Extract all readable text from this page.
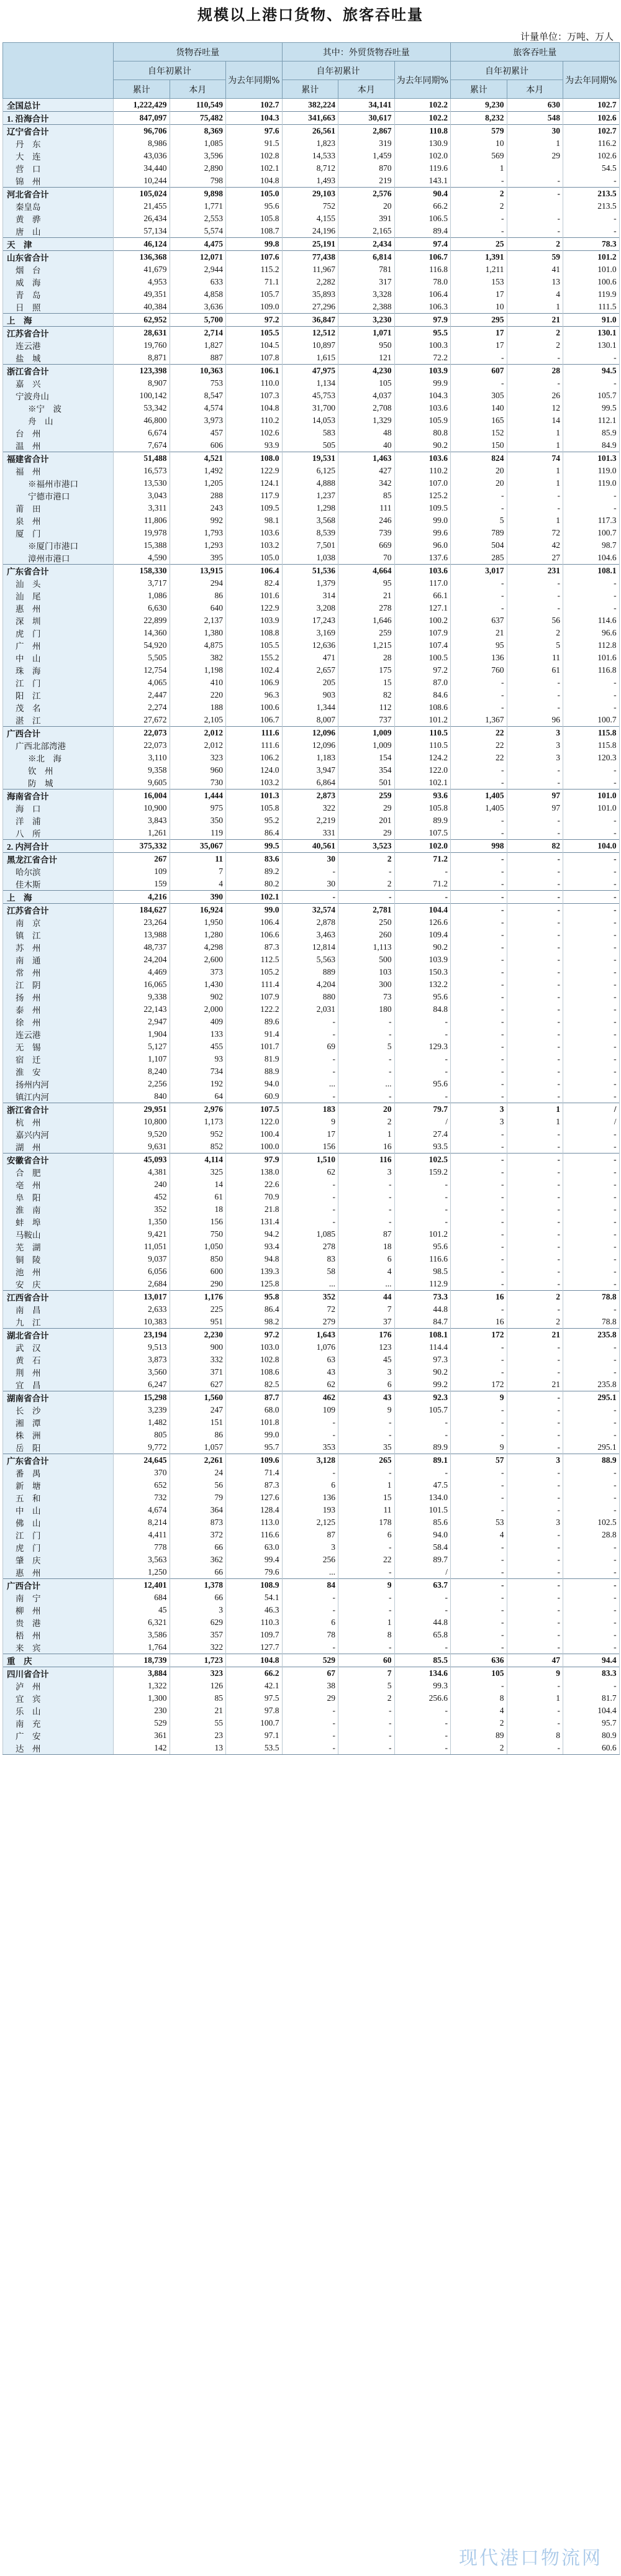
规模以上港口货物、旅客吞吐量
计量单位：万吨、万人
	货物吞吐量			其中：外贸货物吞吐量			旅客吞吐量		
	自年初累计		为去年同期%	自年初累计		为去年同期%	自年初累计		为去年同期%
	累计	本月		累计	本月		累计	本月	
全国总计	1,222,429	110,549	102.7	382,224	34,141	102.2	9,230	630	102.7
1. 沿海合计	847,097	75,482	104.3	341,663	30,617	102.2	8,232	548	102.6
辽宁省合计	96,706	8,369	97.6	26,561	2,867	110.8	579	30	102.7
丹　东	8,986	1,085	91.5	1,823	319	130.9	10	1	116.2
大　连	43,036	3,596	102.8	14,533	1,459	102.0	569	29	102.6
营　口	34,440	2,890	102.1	8,712	870	119.6	1		54.5
锦　州	10,244	798	104.8	1,493	219	143.1	-	-	-
河北省合计	105,024	9,898	105.0	29,103	2,576	90.4	2	-	213.5
秦皇岛	21,455	1,771	95.6	752	20	66.2	2		213.5
黄　骅	26,434	2,553	105.8	4,155	391	106.5	-	-	-
唐　山	57,134	5,574	108.7	24,196	2,165	89.4	-	-	-
天　津	46,124	4,475	99.8	25,191	2,434	97.4	25	2	78.3
山东省合计	136,368	12,071	107.6	77,438	6,814	106.7	1,391	59	101.2
烟　台	41,679	2,944	115.2	11,967	781	116.8	1,211	41	101.0
威　海	4,953	633	71.1	2,282	317	78.0	153	13	100.6
青　岛	49,351	4,858	105.7	35,893	3,328	106.4	17	4	119.9
日　照	40,384	3,636	109.0	27,296	2,388	106.3	10	1	111.5
上　海	62,952	5,700	97.2	36,847	3,230	97.9	295	21	91.0
江苏省合计	28,631	2,714	105.5	12,512	1,071	95.5	17	2	130.1
连云港	19,760	1,827	104.5	10,897	950	100.3	17	2	130.1
盐　城	8,871	887	107.8	1,615	121	72.2	-	-	-
浙江省合计	123,398	10,363	106.1	47,975	4,230	103.9	607	28	94.5
嘉　兴	8,907	753	110.0	1,134	105	99.9	-	-	-
宁波舟山	100,142	8,547	107.3	45,753	4,037	104.3	305	26	105.7
※宁　波	53,342	4,574	104.8	31,700	2,708	103.6	140	12	99.5
舟　山	46,800	3,973	110.2	14,053	1,329	105.9	165	14	112.1
台　州	6,674	457	102.6	583	48	80.8	152	1	85.9
温　州	7,674	606	93.9	505	40	90.2	150	1	84.9
福建省合计	51,488	4,521	108.0	19,531	1,463	103.6	824	74	101.3
福　州	16,573	1,492	122.9	6,125	427	110.2	20	1	119.0
※福州市港口	13,530	1,205	124.1	4,888	342	107.0	20	1	119.0
宁德市港口	3,043	288	117.9	1,237	85	125.2	-	-	-
莆　田	3,311	243	109.5	1,298	111	109.5	-	-	-
泉　州	11,806	992	98.1	3,568	246	99.0	5	1	117.3
厦　门	19,978	1,793	103.6	8,539	739	99.6	789	72	100.7
※厦门市港口	15,388	1,293	103.2	7,501	669	96.0	504	42	98.7
漳州市港口	4,590	395	105.0	1,038	70	137.6	285	27	104.6
广东省合计	158,330	13,915	106.4	51,536	4,664	103.6	3,017	231	108.1
汕　头	3,717	294	82.4	1,379	95	117.0	-	-	-
汕　尾	1,086	86	101.6	314	21	66.1	-	-	-
惠　州	6,630	640	122.9	3,208	278	127.1	-	-	-
深　圳	22,899	2,137	103.9	17,243	1,646	100.2	637	56	114.6
虎　门	14,360	1,380	108.8	3,169	259	107.9	21	2	96.6
广　州	54,920	4,875	105.5	12,636	1,215	107.4	95	5	112.8
中　山	5,505	382	155.2	471	28	100.5	136	11	101.6
珠　海	12,754	1,198	102.4	2,657	175	97.2	760	61	116.8
江　门	4,065	410	106.9	205	15	87.0	-	-	-
阳　江	2,447	220	96.3	903	82	84.6	-	-	-
茂　名	2,274	188	100.6	1,344	112	108.6	-	-	-
湛　江	27,672	2,105	106.7	8,007	737	101.2	1,367	96	100.7
广西合计	22,073	2,012	111.6	12,096	1,009	110.5	22	3	115.8
广西北部湾港	22,073	2,012	111.6	12,096	1,009	110.5	22	3	115.8
※北　海	3,110	323	106.2	1,183	154	124.2	22	3	120.3
钦　州	9,358	960	124.0	3,947	354	122.0	-	-	-
防　城	9,605	730	103.2	6,864	501	102.1	-	-	-
海南省合计	16,004	1,444	101.3	2,873	259	93.6	1,405	97	101.0
海　口	10,900	975	105.8	322	29	105.8	1,405	97	101.0
洋　浦	3,843	350	95.2	2,219	201	89.9	-	-	-
八　所	1,261	119	86.4	331	29	107.5	-	-	-
2. 内河合计	375,332	35,067	99.5	40,561	3,523	102.0	998	82	104.0
黑龙江省合计	267	11	83.6	30	2	71.2	-	-	-
哈尔滨	109	7	89.2	-	-	-	-	-	-
佳木斯	159	4	80.2	30	2	71.2	-	-	-
上　海	4,216	390	102.1	-	-	-	-	-	-
江苏省合计	184,627	16,924	99.0	32,574	2,781	104.4	-	-	-
南　京	23,264	1,950	106.4	2,878	250	126.6	-	-	-
镇　江	13,988	1,280	106.6	3,463	260	109.4	-	-	-
苏　州	48,737	4,298	87.3	12,814	1,113	90.2	-	-	-
南　通	24,204	2,600	112.5	5,563	500	103.9	-	-	-
常　州	4,469	373	105.2	889	103	150.3	-	-	-
江　阴	16,065	1,430	111.4	4,204	300	132.2	-	-	-
扬　州	9,338	902	107.9	880	73	95.6	-	-	-
泰　州	22,143	2,000	122.2	2,031	180	84.8	-	-	-
徐　州	2,947	409	89.6	-	-	-	-	-	-
连云港	1,904	133	91.4	-	-	-	-	-	-
无　锡	5,127	455	101.7	69	5	129.3	-	-	-
宿　迁	1,107	93	81.9	-	-	-	-	-	-
淮　安	8,240	734	88.9	-	-	-	-	-	-
扬州内河	2,256	192	94.0	...	...	95.6	-	-	-
镇江内河	840	64	60.9	-	-	-	-	-	-
浙江省合计	29,951	2,976	107.5	183	20	79.7	3	1	/
杭　州	10,800	1,173	122.0	9	2	/	3	1	/
嘉兴内河	9,520	952	100.4	17	1	27.4	-	-	-
湖　州	9,631	852	100.0	156	16	93.5	-	-	-
安徽省合计	45,093	4,114	97.9	1,510	116	102.5	-	-	-
合　肥	4,381	325	138.0	62	3	159.2	-	-	-
亳　州	240	14	22.6	-	-	-	-	-	-
阜　阳	452	61	70.9	-	-	-	-	-	-
淮　南	352	18	21.8	-	-	-	-	-	-
蚌　埠	1,350	156	131.4	-	-	-	-	-	-
马鞍山	9,421	750	94.2	1,085	87	101.2	-	-	-
芜　湖	11,051	1,050	93.4	278	18	95.6	-	-	-
铜　陵	9,037	850	94.8	83	6	116.6	-	-	-
池　州	6,056	600	139.3	58	4	98.5	-	-	-
安　庆	2,684	290	125.8	...	...	112.9	-	-	-
江西省合计	13,017	1,176	95.8	352	44	73.3	16	2	78.8
南　昌	2,633	225	86.4	72	7	44.8	-	-	-
九　江	10,383	951	98.2	279	37	84.7	16	2	78.8
湖北省合计	23,194	2,230	97.2	1,643	176	108.1	172	21	235.8
武　汉	9,513	900	103.0	1,076	123	114.4	-	-	-
黄　石	3,873	332	102.8	63	45	97.3	-	-	-
荆　州	3,560	371	108.6	43	3	90.2	-	-	-
宜　昌	6,247	627	82.5	62	6	99.2	172	21	235.8
湖南省合计	15,298	1,560	87.7	462	43	92.3	9	-	295.1
长　沙	3,239	247	68.0	109	9	105.7	-	-	-
湘　潭	1,482	151	101.8	-	-	-	-	-	-
株　洲	805	86	99.0	-	-	-	-	-	-
岳　阳	9,772	1,057	95.7	353	35	89.9	9	-	295.1
广东省合计	24,645	2,261	109.6	3,128	265	89.1	57	3	88.9
番　禺	370	24	71.4	-	-	-	-	-	-
新　塘	652	56	87.3	6	1	47.5	-	-	-
五　和	732	79	127.6	136	15	134.0	-	-	-
中　山	4,674	364	128.4	193	11	101.5	-	-	-
佛　山	8,214	873	113.0	2,125	178	85.6	53	3	102.5
江　门	4,411	372	116.6	87	6	94.0	4	-	28.8
虎　门	778	66	63.0	3	-	58.4	-	-	-
肇　庆	3,563	362	99.4	256	22	89.7	-	-	-
惠　州	1,250	66	79.6	...	-	/	-	-	-
广西合计	12,401	1,378	108.9	84	9	63.7	-	-	-
南　宁	684	66	54.1	-	-	-	-	-	-
柳　州	45	3	46.3	-	-	-	-	-	-
贵　港	6,321	629	110.3	6	1	44.8	-	-	-
梧　州	3,586	357	109.7	78	8	65.8	-	-	-
来　宾	1,764	322	127.7	-	-	-	-	-	-
重　庆	18,739	1,723	104.8	529	60	85.5	636	47	94.4
四川省合计	3,884	323	66.2	67	7	134.6	105	9	83.3
泸　州	1,322	126	42.1	38	5	99.3	-	-	-
宜　宾	1,300	85	97.5	29	2	256.6	8	1	81.7
乐　山	230	21	97.8	-	-	-	4	-	104.4
南　充	529	55	100.7	-	-	-	2	-	95.7
广　安	361	23	97.1	-	-	-	89	8	80.9
达　州	142	13	53.5	-	-	-	2	-	60.6
现代港口物流网
